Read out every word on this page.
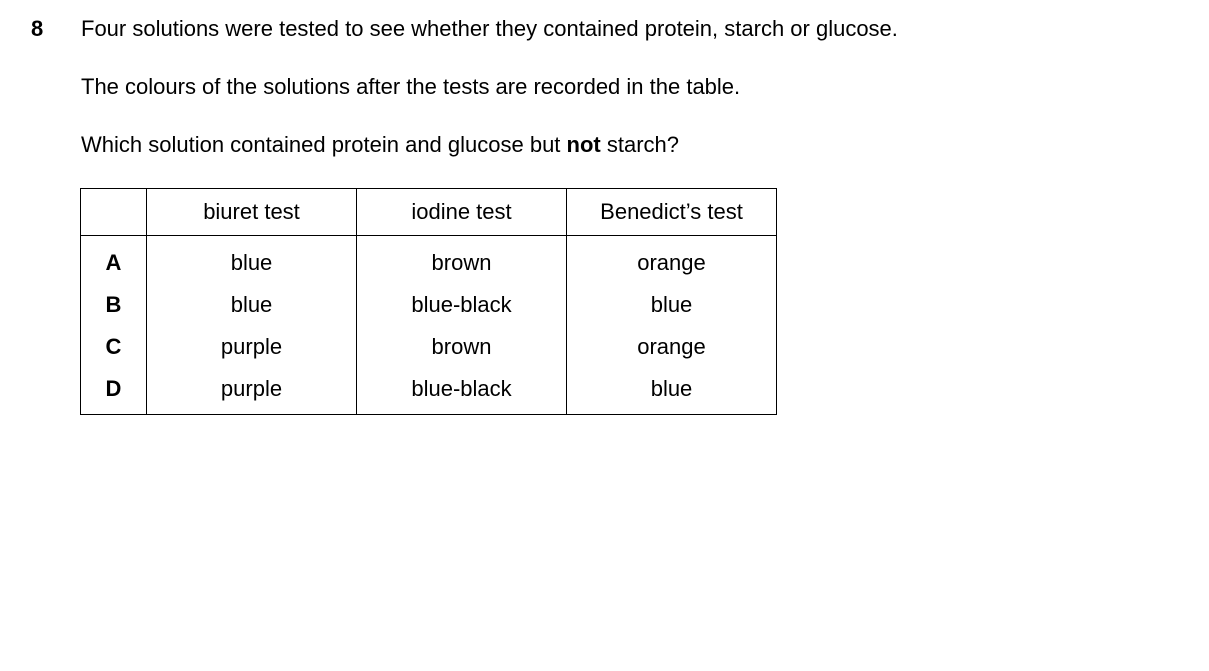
8 Four solutions were tested to see whether they contained protein, starch or glucose.
The colours of the solutions after the tests are recorded in the table.
Which solution contained protein and glucose but not starch?
	biuret test	iodine test	Benedict’s test
A	blue	brown	orange
B	blue	blue-black	blue
C	purple	brown	orange
D	purple	blue-black	blue
